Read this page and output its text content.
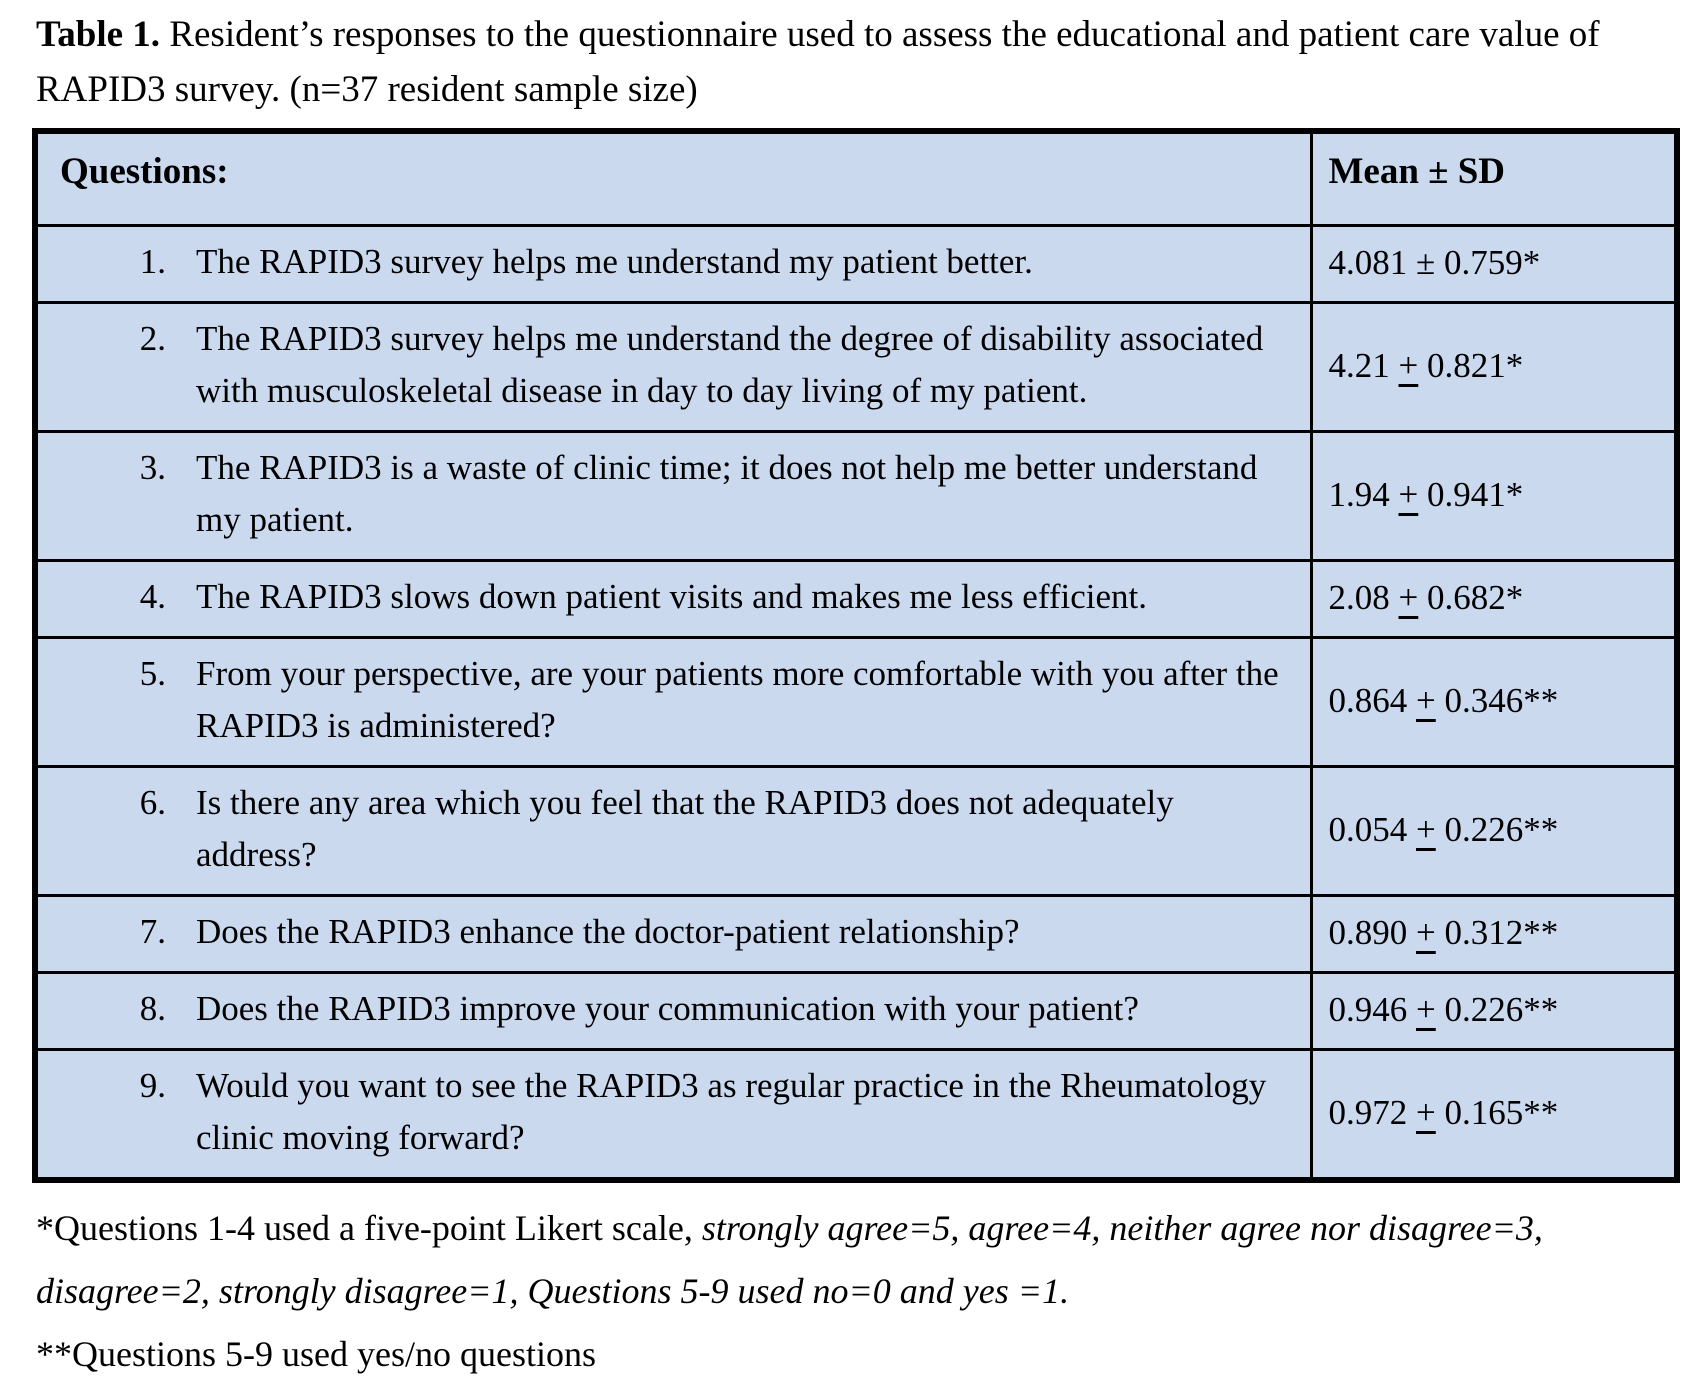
Table 1. Resident’s responses to the questionnaire used to assess the educational and patient care value of RAPID3 survey. (n=37 resident sample size)

Questions:	Mean ± SD

1. The RAPID3 survey helps me understand my patient better.	4.081 ± 0.759*

2. The RAPID3 survey helps me understand the degree of disability associated with musculoskeletal disease in day to day living of my patient.	4.21 + 0.821*

3. The RAPID3 is a waste of clinic time; it does not help me better understand my patient.	1.94 + 0.941*

4. The RAPID3 slows down patient visits and makes me less efficient.	2.08 + 0.682*

5. From your perspective, are your patients more comfortable with you after the RAPID3 is administered?	0.864 + 0.346**

6. Is there any area which you feel that the RAPID3 does not adequately address?	0.054 + 0.226**

7. Does the RAPID3 enhance the doctor-patient relationship?	0.890 + 0.312**

8. Does the RAPID3 improve your communication with your patient?	0.946 + 0.226**

9. Would you want to see the RAPID3 as regular practice in the Rheumatology clinic moving forward?	0.972 + 0.165**

*Questions 1-4 used a five-point Likert scale, strongly agree=5, agree=4, neither agree nor disagree=3, disagree=2, strongly disagree=1, Questions 5-9 used no=0 and yes =1.

**Questions 5-9 used yes/no questions
